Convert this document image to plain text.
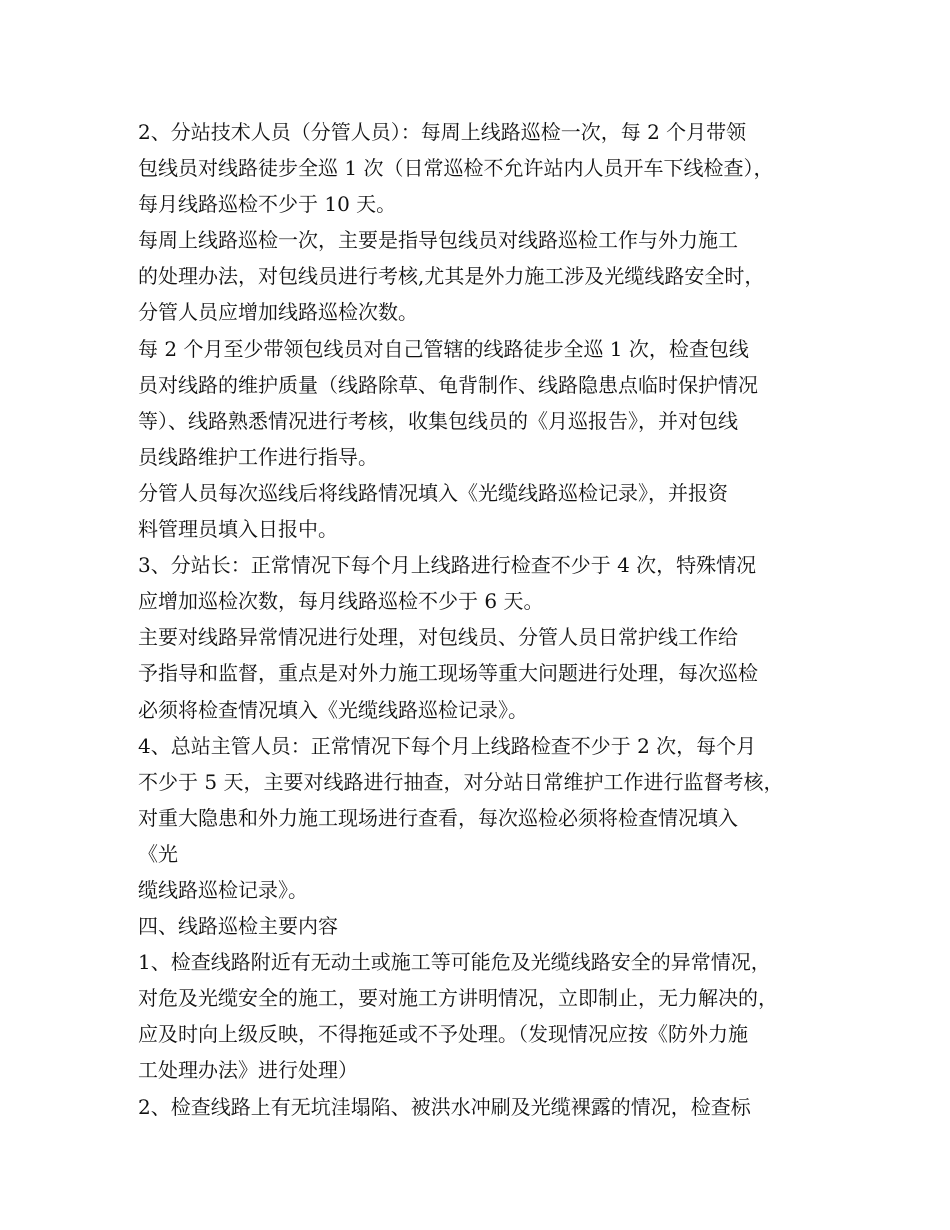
2、分站技术人员（分管人员）：每周上线路巡检一次，每 2 个月带领
包线员对线路徒步全巡 1 次（日常巡检不允许站内人员开车下线检查），
每月线路巡检不少于 10 天。
每周上线路巡检一次，主要是指导包线员对线路巡检工作与外力施工
的处理办法，对包线员进行考核,尤其是外力施工涉及光缆线路安全时，
分管人员应增加线路巡检次数。
每 2 个月至少带领包线员对自己管辖的线路徒步全巡 1 次，检查包线
员对线路的维护质量（线路除草、龟背制作、线路隐患点临时保护情况
等）、线路熟悉情况进行考核，收集包线员的《月巡报告》，并对包线
员线路维护工作进行指导。
分管人员每次巡线后将线路情况填入《光缆线路巡检记录》，并报资
料管理员填入日报中。
3、分站长：正常情况下每个月上线路进行检查不少于 4 次，特殊情况
应增加巡检次数，每月线路巡检不少于 6 天。
主要对线路异常情况进行处理，对包线员、分管人员日常护线工作给
予指导和监督，重点是对外力施工现场等重大问题进行处理，每次巡检
必须将检查情况填入《光缆线路巡检记录》。
4、总站主管人员：正常情况下每个月上线路检查不少于 2 次，每个月
不少于 5 天，主要对线路进行抽查，对分站日常维护工作进行监督考核，
对重大隐患和外力施工现场进行查看，每次巡检必须将检查情况填入
《光
缆线路巡检记录》。
四、线路巡检主要内容
1、检查线路附近有无动土或施工等可能危及光缆线路安全的异常情况，
对危及光缆安全的施工，要对施工方讲明情况，立即制止，无力解决的，
应及时向上级反映，不得拖延或不予处理。（发现情况应按《防外力施
工处理办法》进行处理）
2、检查线路上有无坑洼塌陷、被洪水冲刷及光缆裸露的情况，检查标
